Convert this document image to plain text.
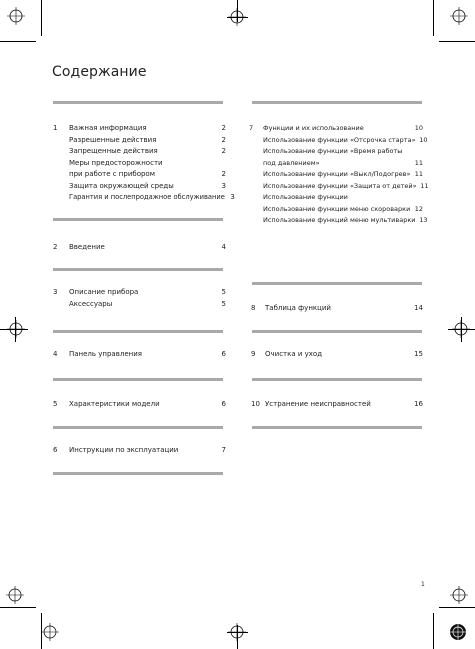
Содержание
1	Важная информация	2
Разрешенные действия	2
Запрещенные действия	2
Меры предосторожности
при работе с прибором	2
Защита окружающей среды	3
Гарантия и послепродажное обслуживание 3
2	Введение	4
3	Описание прибора	5
Аксессуары	5
4	Панель управления	6
5	Характеристики модели	6
6	Инструкции по эксплуатации	7
7	Функции и их использование	10
Использование функции «Отсрочка старта» 10
Использование функции «Время работы
под давлением»	11
Использование функции «Выкл/Подогрев» 11
Использование функции «Защита от детей» 11
Использование функции
Использование функции меню скороварки 12
Использование функций меню мультиварки 13
8	Таблица функций	14
9	Очистка и уход	15
10 Устранение неисправностей	16
1
